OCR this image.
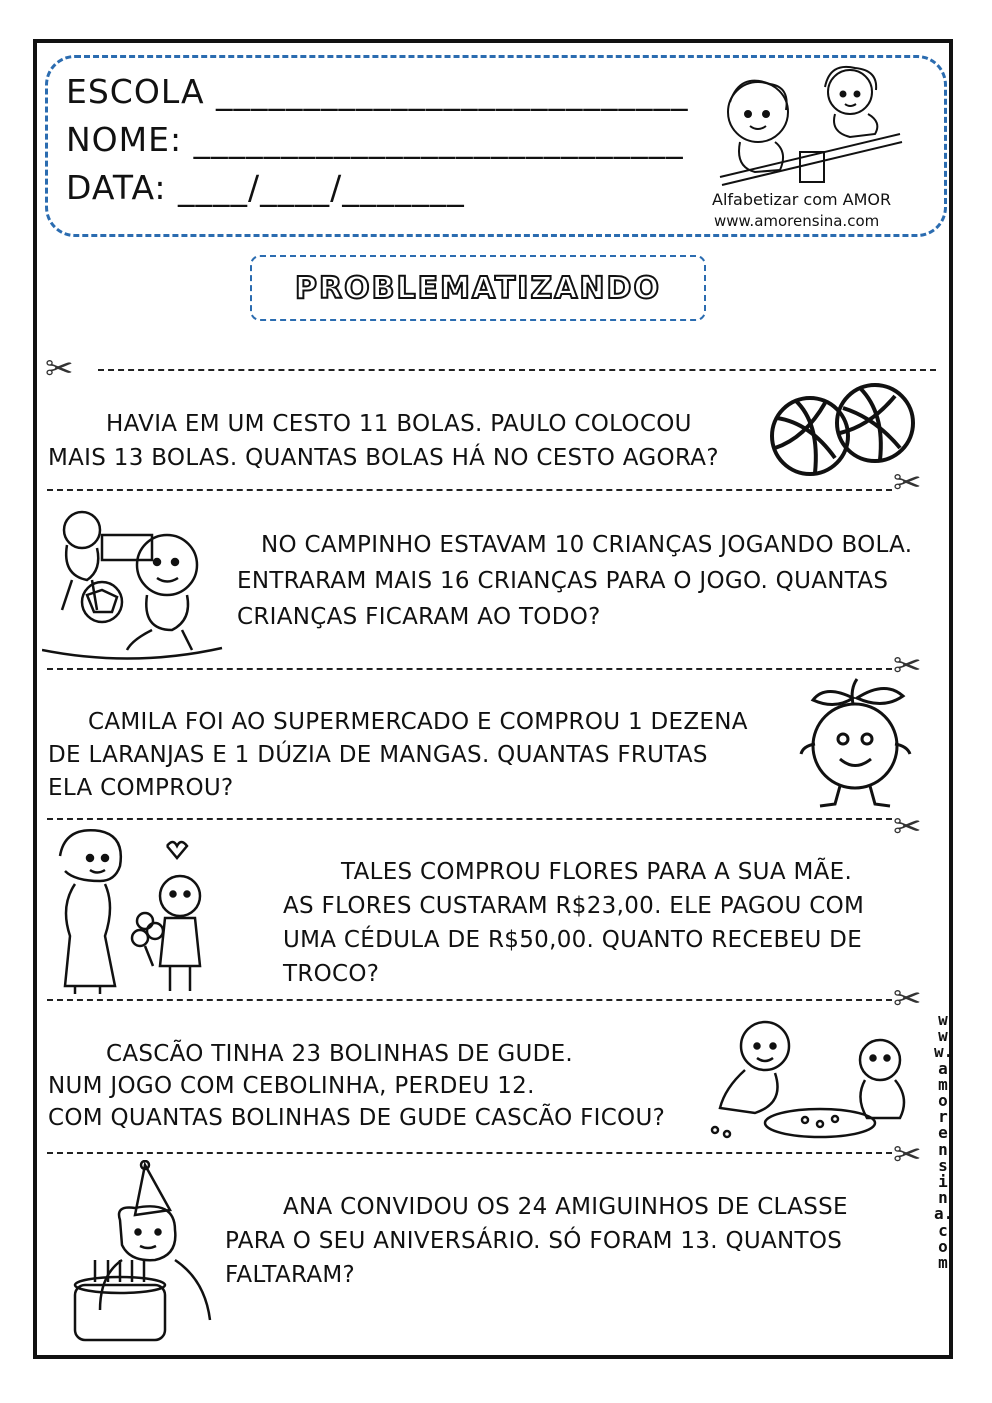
ESCOLA ___________________________
NOME: ____________________________
DATA: ____/____/_______	Alfabetizar com AMOR
www.amorensina.com
PROBLEMATIZANDO
✂
✂
✂
✂
✂
✂
HAVIA EM UM CESTO 11 BOLAS. PAULO COLOCOU
MAIS 13 BOLAS. QUANTAS BOLAS HÁ NO CESTO AGORA?
NO CAMPINHO ESTAVAM 10 CRIANÇAS JOGANDO BOLA.
ENTRARAM MAIS 16 CRIANÇAS PARA O JOGO. QUANTAS
CRIANÇAS FICARAM AO TODO?
CAMILA FOI AO SUPERMERCADO E COMPROU 1 DEZENA
DE LARANJAS E 1 DÚZIA DE MANGAS. QUANTAS FRUTAS
ELA COMPROU?
TALES COMPROU FLORES PARA A SUA MÃE.
AS FLORES CUSTARAM R$23,00. ELE PAGOU COM
UMA CÉDULA DE R$50,00. QUANTO RECEBEU DE
TROCO?
CASCÃO TINHA 23 BOLINHAS DE GUDE.
NUM JOGO COM CEBOLINHA, PERDEU 12.
COM QUANTAS BOLINHAS DE GUDE CASCÃO FICOU?
ANA CONVIDOU OS 24 AMIGUINHOS DE CLASSE
PARA O SEU ANIVERSÁRIO. SÓ FORAM 13. QUANTOS
FALTARAM?
www.amorensina.com
